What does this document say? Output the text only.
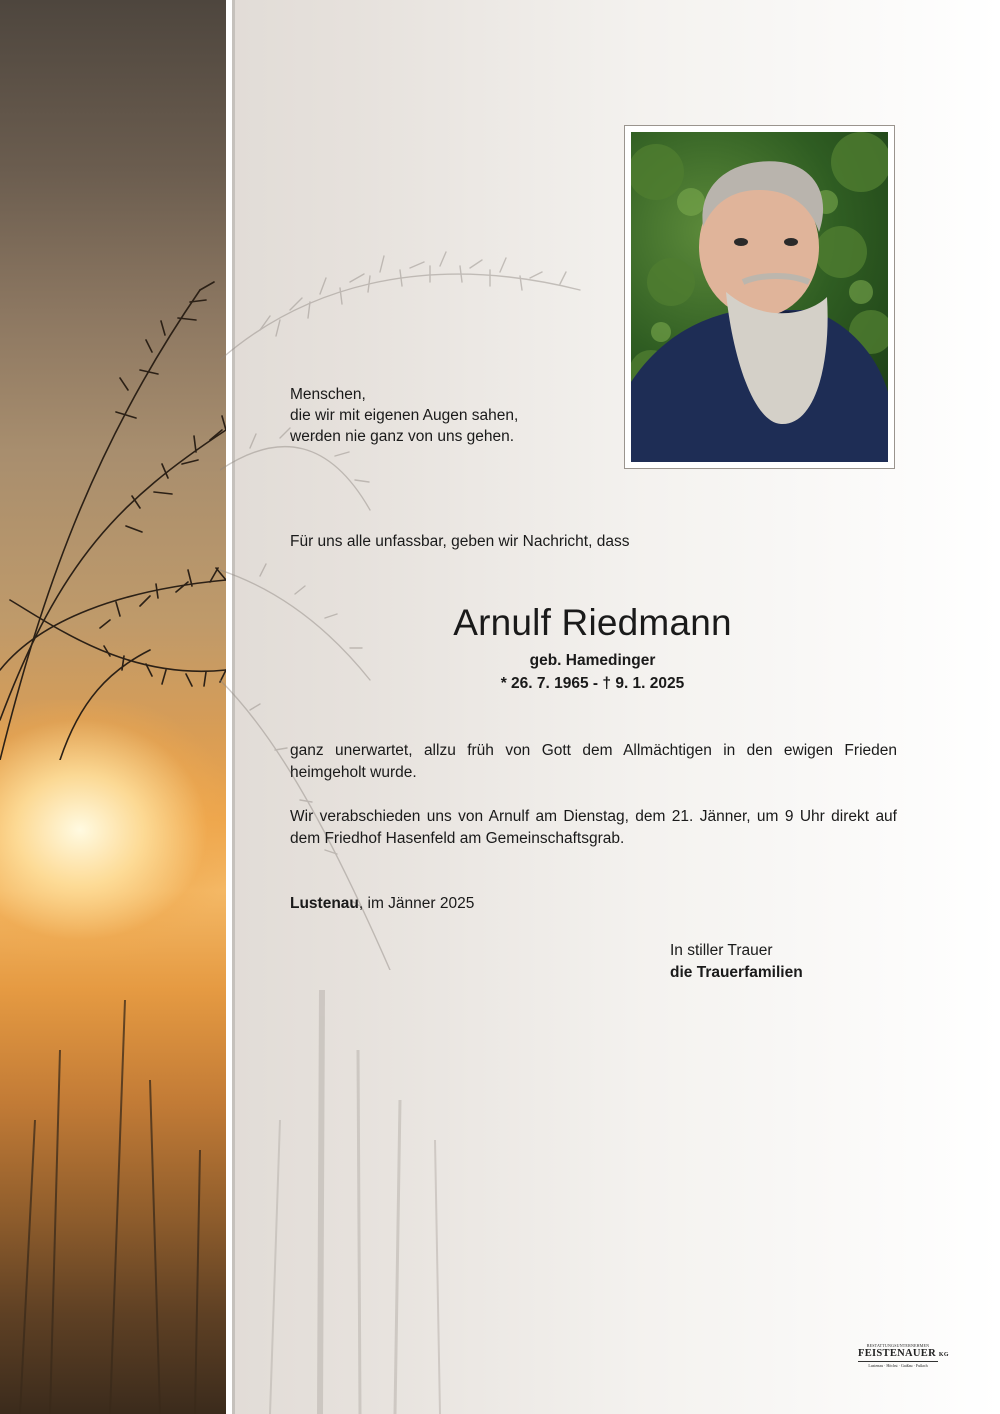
Menschen,
die wir mit eigenen Augen sahen,
werden nie ganz von uns gehen.
Für uns alle unfassbar, geben wir Nachricht, dass
Arnulf Riedmann
geb. Hamedinger
* 26. 7. 1965 - † 9. 1. 2025
ganz unerwartet, allzu früh von Gott dem Allmächtigen in den ewigen Frieden heimgeholt wurde.
Wir verabschieden uns von Arnulf am Dienstag, dem 21. Jänner, um 9 Uhr direkt auf dem Friedhof Hasenfeld am Gemeinschaftsgrab.
Lustenau, im Jänner 2025
In stiller Trauer
die Trauerfamilien
BESTATTUNGSUNTERNEHMEN
FEISTENAUER KG
Lustenau · Höchst · Gaißau · Fußach
